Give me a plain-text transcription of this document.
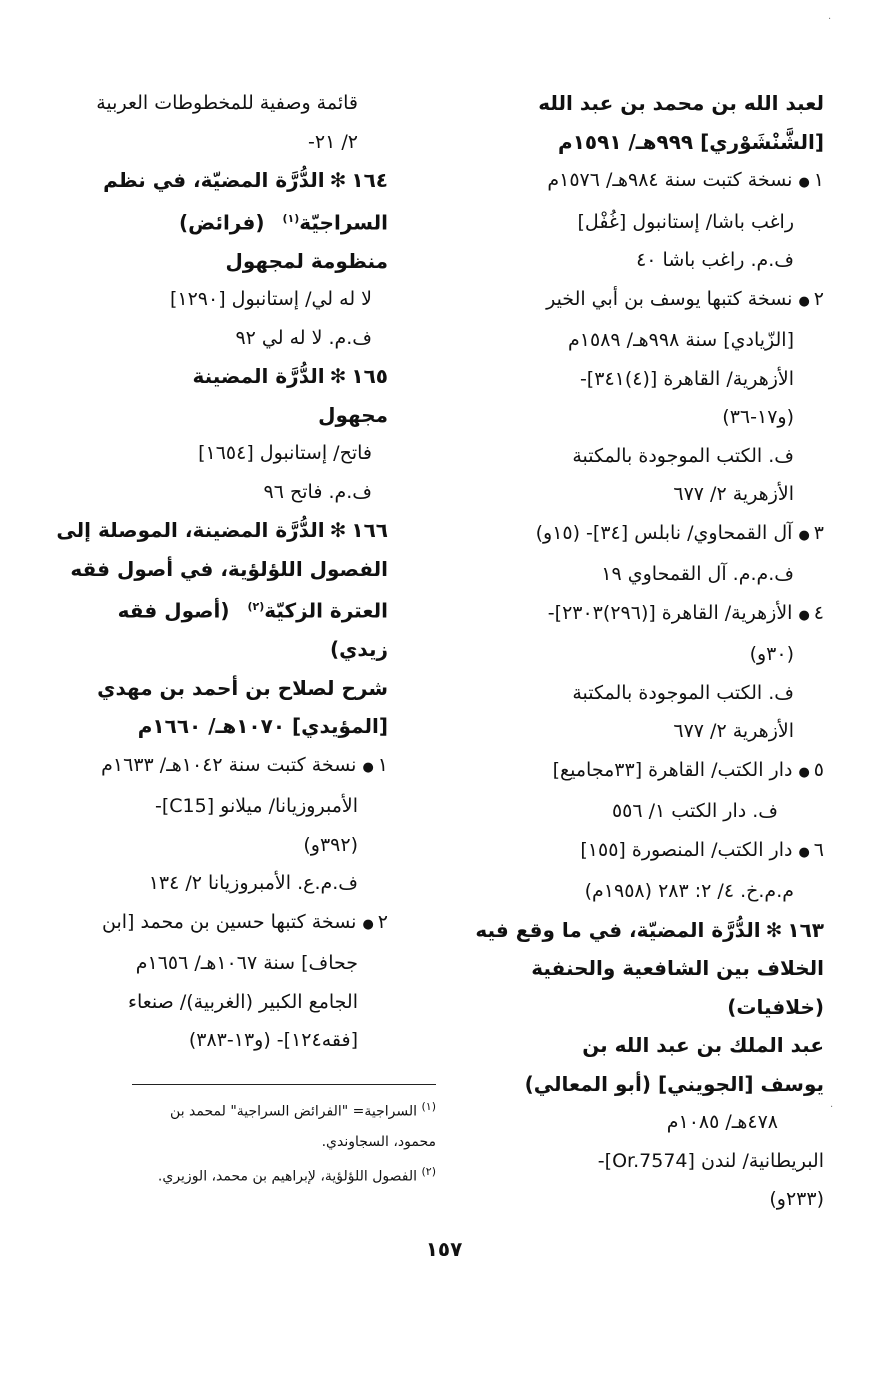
·
·
لعبد الله بن محمد بن عبد الله
[الشَّنْشَوْري] ٩٩٩هـ/ ١٥٩١م
١●نسخة كتبت سنة ٩٨٤هـ/ ١٥٧٦م
راغب باشا/ إستانبول [غُفْل]
ف.م. راغب باشا ٤٠
٢●نسخة كتبها يوسف بن أبي الخير
[الزّيادي] سنة ٩٩٨هـ/ ١٥٨٩م
الأزهرية/ القاهرة [(٤)٣٤١]-
(و١٧-٣٦)
ف. الكتب الموجودة بالمكتبة
الأزهرية ٢/ ٦٧٧
٣●آل القمحاوي/ نابلس [٣٤]- (١٥و)
ف.م.م. آل القمحاوي ١٩
٤●الأزهرية/ القاهرة [(٢٩٦)٢٣٠٣]-
(٣٠و)
ف. الكتب الموجودة بالمكتبة
الأزهرية ٢/ ٦٧٧
٥●دار الكتب/ القاهرة [٣٣مجاميع]
ف. دار الكتب ١/ ٥٥٦
٦●دار الكتب/ المنصورة [١٥٥]
م.م.خ. ٤/ ٢: ٢٨٣ (١٩٥٨م)
١٦٣✻الدُّرَّة المضيّة، في ما وقع فيه
الخلاف بين الشافعية والحنفية
(خلافيات)
عبد الملك بن عبد الله بن
يوسف [الجويني] (أبو المعالي)
٤٧٨هـ/ ١٠٨٥م
البريطانية/ لندن [Or.7574]-
(٢٣٣و)
قائمة وصفية للمخطوطات العربية
٢/ ٢١-
١٦٤✻الدُّرَّة المضيّة، في نظم
السراجيّة$^{(١)}$(فرائض)
منظومة لمجهول
لا له لي/ إستانبول [١٢٩٠]
ف.م. لا له لي ٩٢
١٦٥✻الدُّرَّة المضينة
مجهول
فاتح/ إستانبول [١٦٥٤]
ف.م. فاتح ٩٦
١٦٦✻الدُّرَّة المضينة، الموصلة إلى
الفصول اللؤلؤية، في أصول فقه
العترة الزكيّة$^{(٢)}$(أصول فقه
زيدي)
شرح لصلاح بن أحمد بن مهدي
[المؤيدي] ١٠٧٠هـ/ ١٦٦٠م
١●نسخة كتبت سنة ١٠٤٢هـ/ ١٦٣٣م
الأمبروزيانا/ ميلانو [C15]-
(٣٩٢و)
ف.م.ع. الأمبروزيانا ٢/ ١٣٤
٢●نسخة كتبها حسين بن محمد [ابن
جحاف] سنة ١٠٦٧هـ/ ١٦٥٦م
الجامع الكبير (الغربية)/ صنعاء
[فقه١٢٤]- (و١٣-٣٨٣)
$^{(١)}$ السراجية= "الفرائض السراجية" لمحمد بن
محمود، السجاوندي.
$^{(٢)}$ الفصول اللؤلؤية، لإبراهيم بن محمد، الوزيري.
١٥٧
